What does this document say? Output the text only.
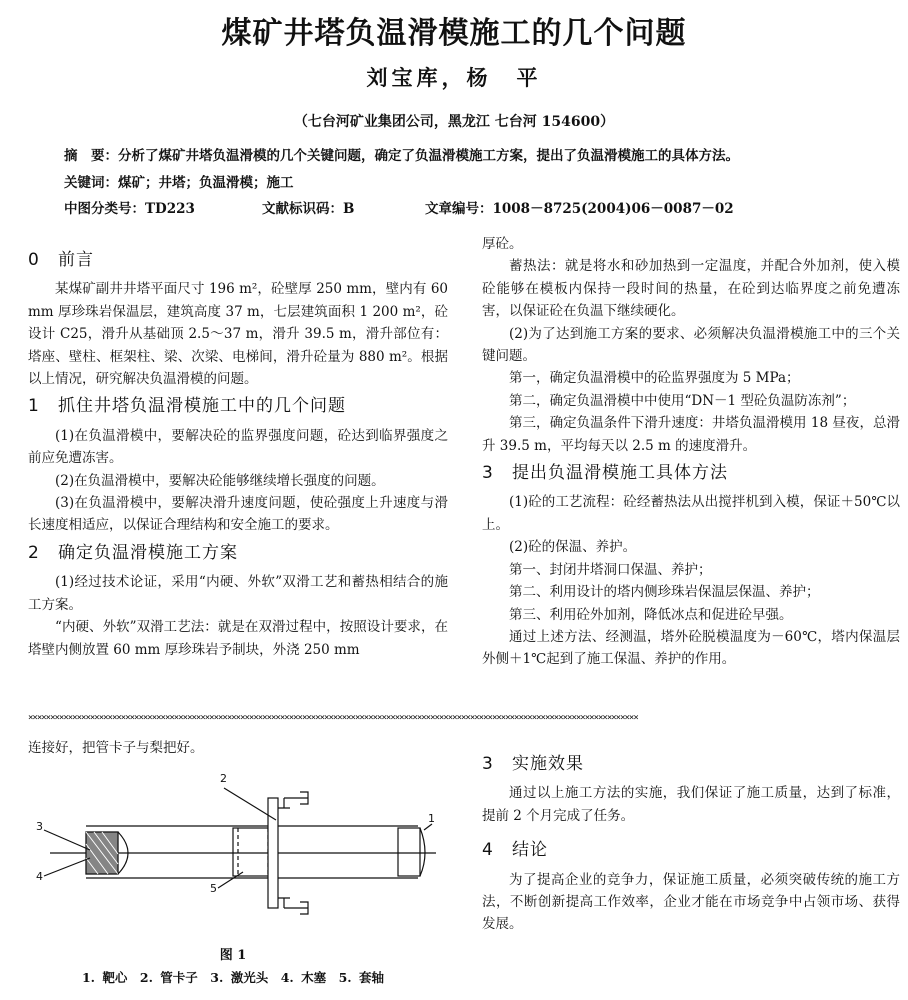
煤矿井塔负温滑模施工的几个问题
刘宝库，杨　平
（七台河矿业集团公司，黑龙江 七台河 154600）
摘　要：分析了煤矿井塔负温滑模的几个关键问题，确定了负温滑模施工方案，提出了负温滑模施工的具体方法。
关键词：煤矿；井塔；负温滑模；施工
中图分类号：TD223	文献标识码：B	文章编号：1008－8725(2004)06－0087－02
0 前言

某煤矿副井井塔平面尺寸 196 m²，砼壁厚 250 mm，壁内有 60 mm 厚珍珠岩保温层，建筑高度 37 m，七层建筑面积 1 200 m²，砼设计 C25，滑升从基础顶 2.5～37 m，滑升 39.5 m，滑升部位有：塔座、壁柱、框架柱、梁、次梁、电梯间，滑升砼量为 880 m²。根据以上情况，研究解决负温滑模的问题。

1 抓住井塔负温滑模施工中的几个问题

(1)在负温滑模中，要解决砼的监界强度问题，砼达到临界强度之前应免遭冻害。

(2)在负温滑模中，要解决砼能够继续增长强度的问题。

(3)在负温滑模中，要解决滑升速度问题，使砼强度上升速度与滑长速度相适应，以保证合理结构和安全施工的要求。

2 确定负温滑模施工方案

(1)经过技术论证，采用“内硬、外软”双滑工艺和蓄热相结合的施工方案。

“内硬、外软”双滑工艺法：就是在双滑过程中，按照设计要求，在塔壁内侧放置 60 mm 厚珍珠岩予制块，外浇 250 mm

厚砼。

蓄热法：就是将水和砂加热到一定温度，并配合外加剂，使入模砼能够在模板内保持一段时间的热量，在砼到达临界度之前免遭冻害，以保证砼在负温下继续硬化。

(2)为了达到施工方案的要求、必须解决负温滑模施工中的三个关键问题。

第一，确定负温滑模中的砼监界强度为 5 MPa；

第二，确定负温滑模中中使用“DN－1 型砼负温防冻剂”；

第三，确定负温条件下滑升速度：井塔负温滑模用 18 昼夜，总滑升 39.5 m，平均每天以 2.5 m 的速度滑升。

3 提出负温滑模施工具体方法

(1)砼的工艺流程：砼经蓄热法从出搅拌机到入模，保证＋50℃以上。

(2)砼的保温、养护。

第一、封闭井塔洞口保温、养护；

第二、利用设计的塔内侧珍珠岩保温层保温、养护；

第三、利用砼外加剂，降低冰点和促进砼早强。

通过上述方法、经测温，塔外砼脱模温度为－60℃，塔内保温层外侧＋1℃起到了施工保温、养护的作用。

××××××××××××××××××××××××××××××××××××××××××××××××××××××××××××××××××××××××××××××××××××××××××××××××××××××××××××××××××××××××××××××××××××××××××

连接好，把管卡子与梨把好。

3
4
2
5
1
图 1
1. 靶心　2. 管卡子　3. 激光头　4. 木塞　5. 套轴
3 实施效果

通过以上施工方法的实施，我们保证了施工质量，达到了标准，提前 2 个月完成了任务。

4 结论

为了提高企业的竞争力，保证施工质量，必须突破传统的施工方法，不断创新提高工作效率，企业才能在市场竞争中占领市场、获得发展。
